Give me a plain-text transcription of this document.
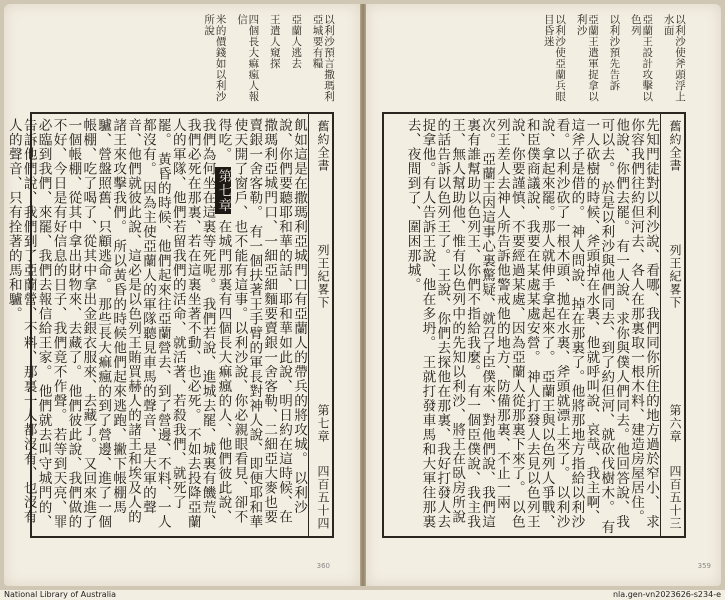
以利沙預言撒瑪利亞城要有糧 亞蘭人逃去 王遣人窺探 四個長大痲瘋人報信 米的價錢如以利沙所說
舊約全書
列王紀畧下
第七章
四百五十四
飢如這是在撒瑪利亞城門口有亞蘭人的帶兵的將攻城。 以利沙說、你們要聽耶和華的話、耶和華如此說、明日約在這時候、在撒瑪利亞城門口、一細亞細麵要賣銀一舍客勒、二細亞大麥也要賣銀一舍客勒。 有一個扶著王手臂的軍長對神人說、即便耶和華使天開了窗戶、也不能有這事。以利沙說、你必親眼看見、卻不得吃。 第七章 在城門那裏有四個長大痲瘋的人、他們彼此說、我們為何坐在這裏等死呢。 我們若說、進城去罷、城裏有饑荒、我們必死在那裏、若在這裏坐著不動、也必死。 不如去投降亞蘭人的軍隊、他們若留我們的活命、就活著、若殺我們、就死了罷。 黃昏的時候、他們起來往亞蘭營去、到了營邊、不料、一人都沒有。 因為主使亞蘭人的軍隊聽見車馬的聲音、是大軍的聲音、他們就彼此說、這必是以色列王賄買赫人的諸王和埃及人的諸王來攻擊我們。 所以黃昏的時候他們起來逃跑、撇下帳棚馬驢、營盤照舊、只顧逃命。 那些長大痲瘋的到了營邊、進了一個帳棚、吃了喝了、從其中拿出金銀衣服來、去藏了。 又回來進了一個帳棚、從其中拿出財物來、去藏了。 他們彼此說、我們做的不好、今日是有好信息的日子、我們竟不作聲。 若等到天亮、罪必臨到我們、來罷、我們去報信給王家。 他們就去叫守城門的、告訴他們說、我們到了亞蘭營、不料、那裏一人都沒有、也沒有人的聲音、只有拴著的馬和驢。
360
以利沙使斧頭浮上水面 亞蘭王設計攻擊以色列 以利沙預先告訴 亞蘭王遣軍捉拿以利沙 以利沙使亞蘭兵眼目昏迷
舊約全書
列王紀畧下
第六章
四百五十三
先知門徒對以利沙說、看哪、我們同你所住的地方過於窄小、 求你容我們往約但河去、各人在那裏取一根木料、建造房屋居住。他說、你們去罷。 有一人說、求你與僕人們同去。他回答說、我可以去。 於是以利沙與他們同去、到了約但河、就砍伐樹木。 有一人砍樹的時候、斧頭掉在水裏、他就呼叫說、哀哉、我主啊、這斧子是借的。 神人問說、掉在那裏了。他將那地方指給以利沙看。以利沙砍了一根木頭、拋在水裏、斧頭就漂上來了。 以利沙說、拿起來罷。那人就伸手拿起來了。 亞蘭王與以色列人爭戰、和臣僕商議說、我要在某處某處安營。 神人打發人去見以色列王說、你要謹慎、不要經過某處、因為亞蘭人從那裏下來了。 以色列王差人去神人所告訴他警戒他的地方、防備那裏、不止一兩次。 亞蘭王因這事心裏驚疑、就召了臣僕來、對他們說、我們這裏有誰幫助以色列王、你們不指給我麼。 有一個臣僕說、我主我王、無人幫助他、惟有以色列中的先知以利沙、將王在臥房所說的話告訴以色列王了。 王說、你們去探他在那裏、我好打發人去捉拿他。有人告訴王說、他在多坍。 王就打發車馬和大軍往那裏去、夜間到了、圍困那城。
359
National Library of Australia	nla.gen-vn2023626-s234-e
